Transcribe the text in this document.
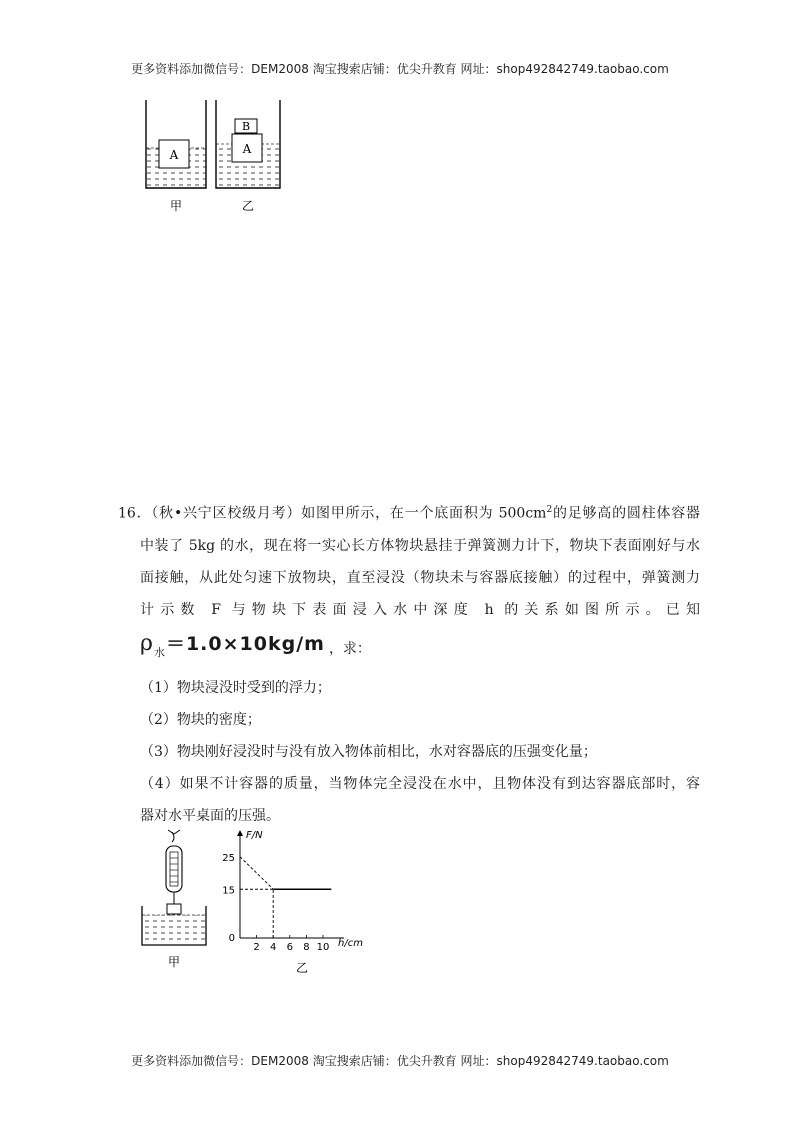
更多资料添加微信号：DEM2008 淘宝搜索店铺：优尖升教育 网址：shop492842749.taobao.com
A	A
B
甲	乙

16．（秋•兴宁区校级月考）如图甲所示，在一个底面积为 $500cm^2$的足够高的圆柱体容器

中装了 5kg 的水，现在将一实心长方体物块悬挂于弹簧测力计下，物块下表面刚好与水

面接触，从此处匀速下放物块，直至浸没（物块未与容器底接触）的过程中，弹簧测力

计示数 F 与物块下表面浸入水中深度 h 的关系如图所示。已知

$\rho_水=1.0\times 10kg/m$ ，求：

（1）物块浸没时受到的浮力；

（2）物块的密度；

（3）物块刚好浸没时与没有放入物体前相比，水对容器底的压强变化量；

（4）如果不计容器的质量，当物体完全浸没在水中，且物体没有到达容器底部时，容

器对水平桌面的压强。

甲
F/N
h/cm
0
2 4 6 8 10
15
25
乙
更多资料添加微信号：DEM2008 淘宝搜索店铺：优尖升教育 网址：shop492842749.taobao.com
